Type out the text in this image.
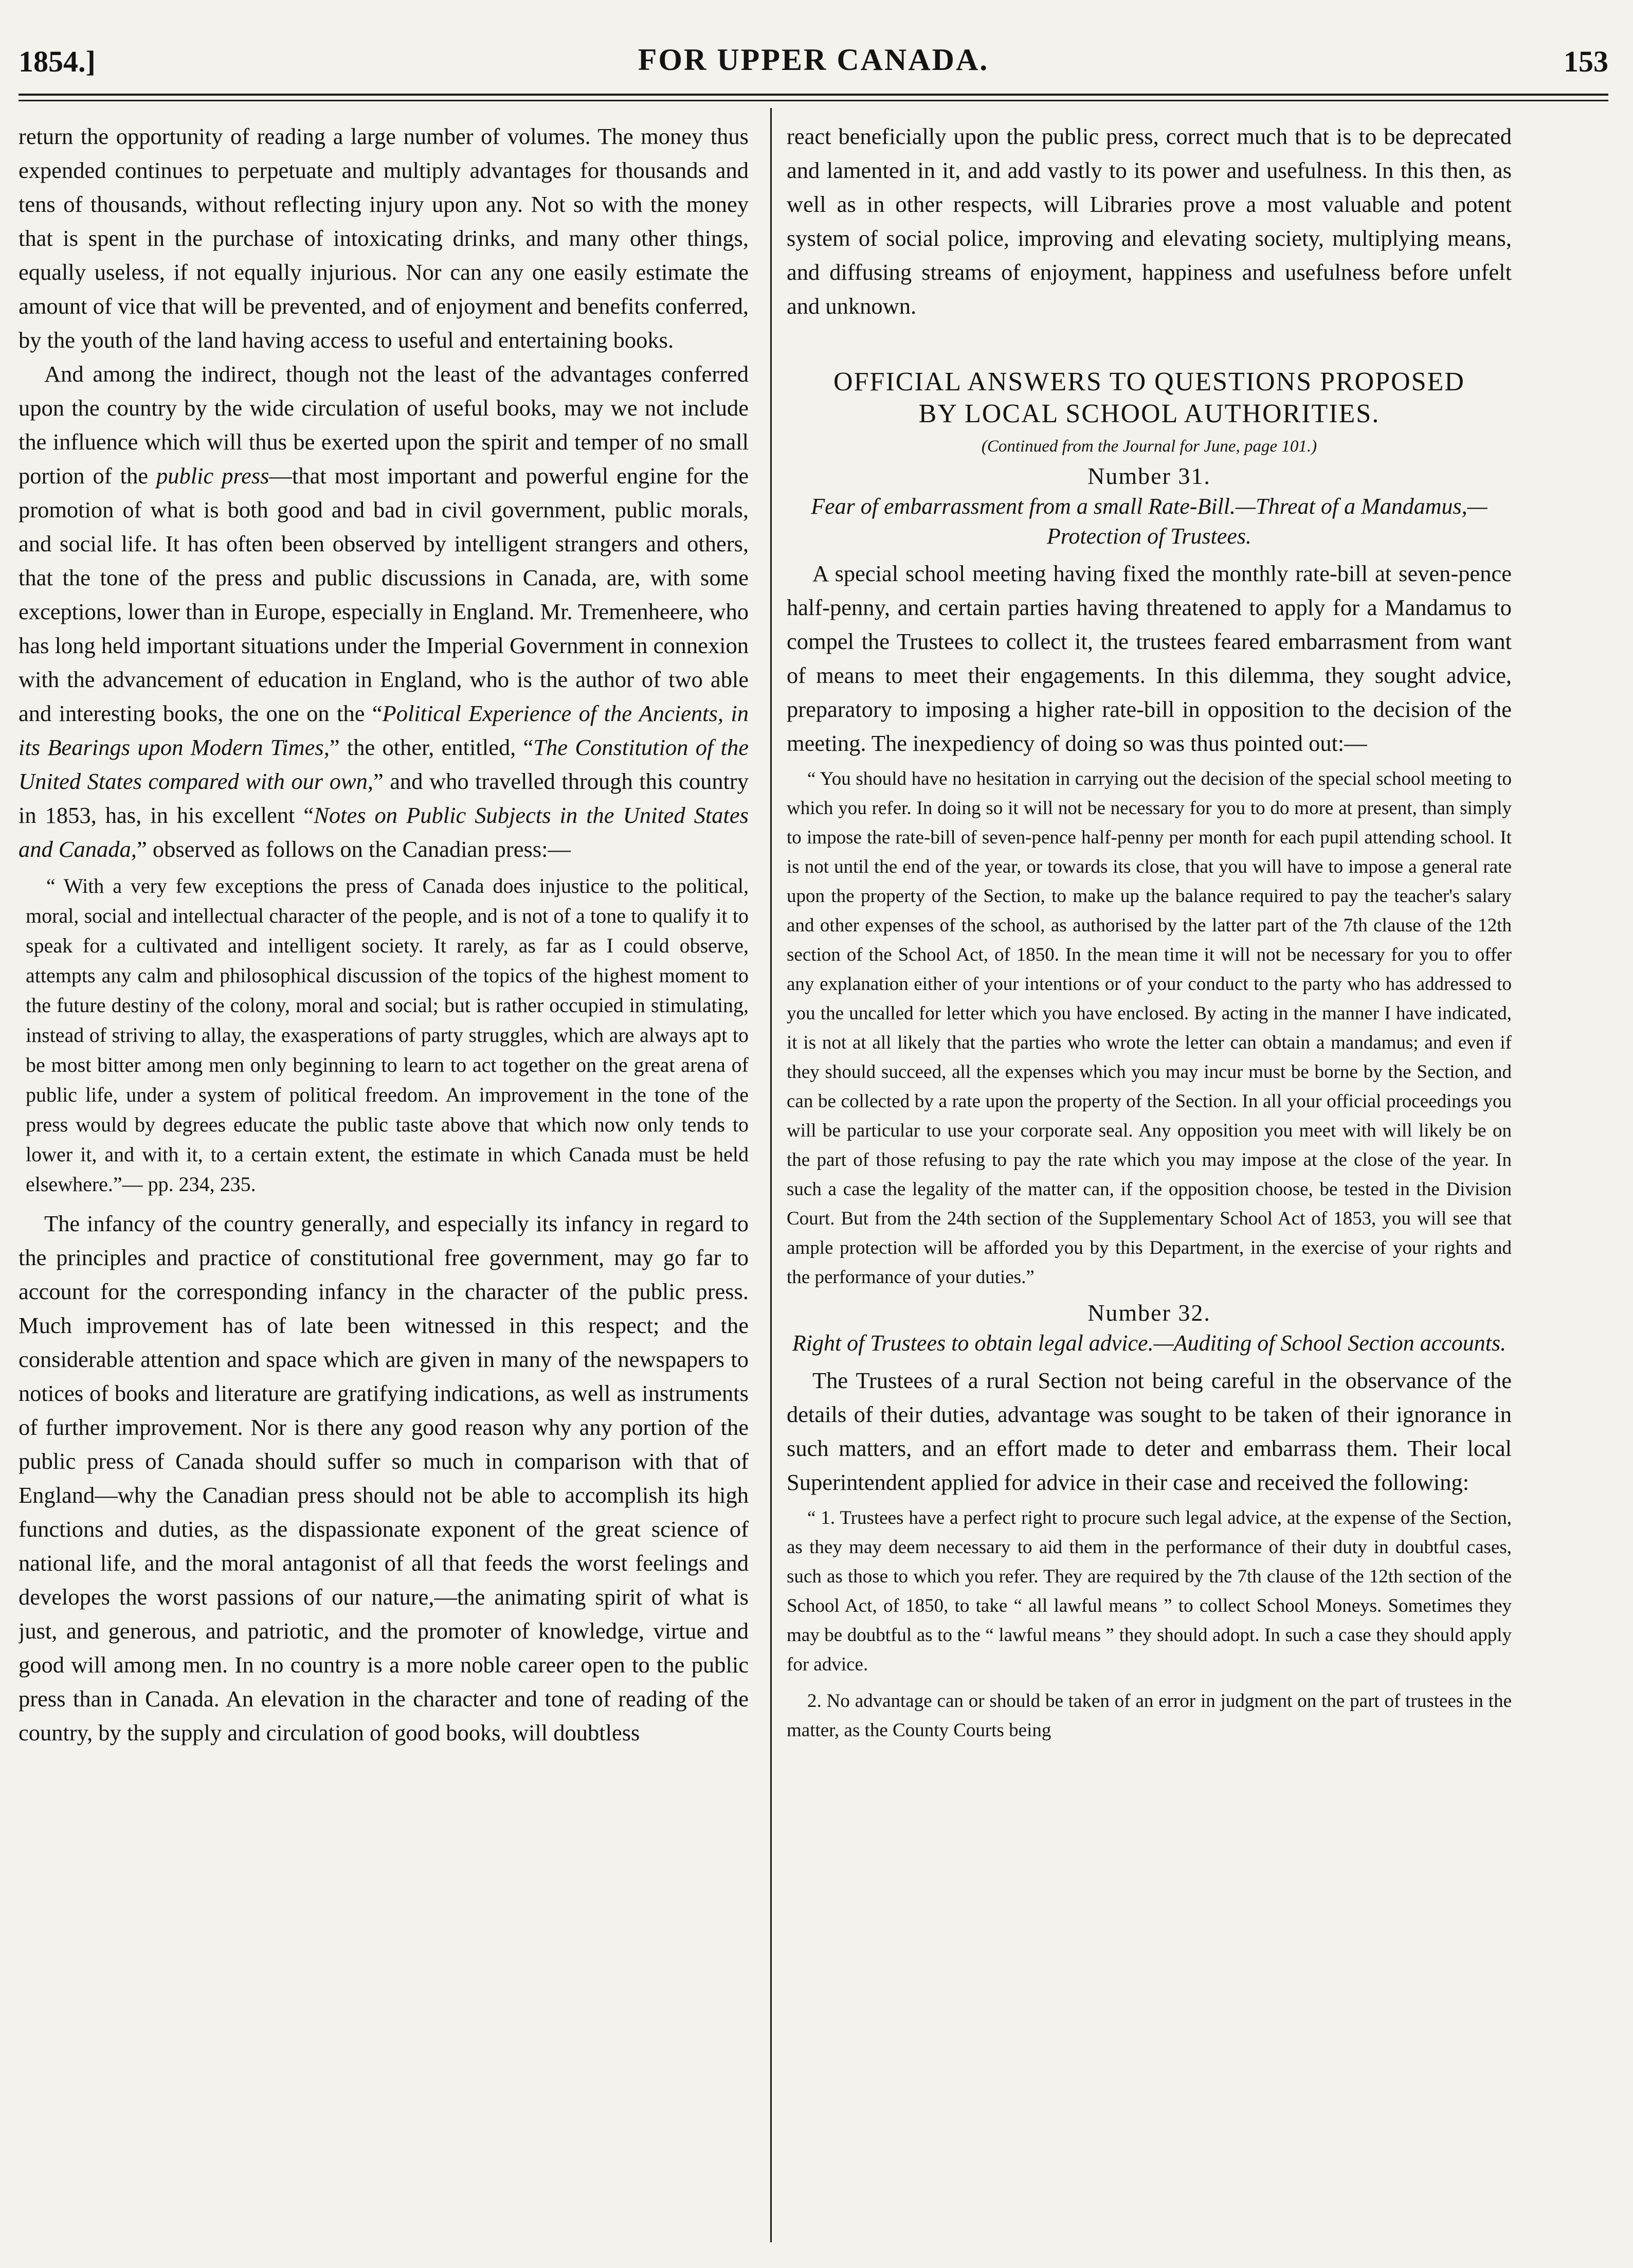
1854.]	FOR UPPER CANADA.	153

return the opportunity of reading a large number of volumes. The money thus expended continues to perpetuate and multiply advantages for thousands and tens of thousands, without reflecting injury upon any. Not so with the money that is spent in the purchase of intoxicating drinks, and many other things, equally useless, if not equally injurious. Nor can any one easily estimate the amount of vice that will be prevented, and of enjoyment and benefits conferred, by the youth of the land having access to useful and entertaining books.

And among the indirect, though not the least of the advantages conferred upon the country by the wide circulation of useful books, may we not include the influence which will thus be exerted upon the spirit and temper of no small portion of the public press—that most important and powerful engine for the promotion of what is both good and bad in civil government, public morals, and social life. It has often been observed by intelligent strangers and others, that the tone of the press and public discussions in Canada, are, with some exceptions, lower than in Europe, especially in England. Mr. Tremenheere, who has long held important situations under the Imperial Government in connexion with the advancement of education in England, who is the author of two able and interesting books, the one on the “Political Experience of the Ancients, in its Bearings upon Modern Times,” the other, entitled, “The Constitution of the United States compared with our own,” and who travelled through this country in 1853, has, in his excellent “Notes on Public Subjects in the United States and Canada,” observed as follows on the Canadian press:—

“ With a very few exceptions the press of Canada does injustice to the political, moral, social and intellectual character of the people, and is not of a tone to qualify it to speak for a cultivated and intelligent society. It rarely, as far as I could observe, attempts any calm and philosophical discussion of the topics of the highest moment to the future destiny of the colony, moral and social; but is rather occupied in stimulating, instead of striving to allay, the exasperations of party struggles, which are always apt to be most bitter among men only beginning to learn to act together on the great arena of public life, under a system of political freedom. An improvement in the tone of the press would by degrees educate the public taste above that which now only tends to lower it, and with it, to a certain extent, the estimate in which Canada must be held elsewhere.”— pp. 234, 235.

The infancy of the country generally, and especially its infancy in regard to the principles and practice of constitutional free government, may go far to account for the corresponding infancy in the character of the public press. Much improvement has of late been witnessed in this respect; and the considerable attention and space which are given in many of the newspapers to notices of books and literature are gratifying indications, as well as instruments of further improvement. Nor is there any good reason why any portion of the public press of Canada should suffer so much in comparison with that of England—why the Canadian press should not be able to accomplish its high functions and duties, as the dispassionate exponent of the great science of national life, and the moral antagonist of all that feeds the worst feelings and developes the worst passions of our nature,—the animating spirit of what is just, and generous, and patriotic, and the promoter of knowledge, virtue and good will among men. In no country is a more noble career open to the public press than in Canada. An elevation in the character and tone of reading of the country, by the supply and circulation of good books, will doubtless

react beneficially upon the public press, correct much that is to be deprecated and lamented in it, and add vastly to its power and usefulness. In this then, as well as in other respects, will Libraries prove a most valuable and potent system of social police, improving and elevating society, multiplying means, and diffusing streams of enjoyment, happiness and usefulness before unfelt and unknown.

OFFICIAL ANSWERS TO QUESTIONS PROPOSED
BY LOCAL SCHOOL AUTHORITIES.
(Continued from the Journal for June, page 101.)
Number 31.
Fear of embarrassment from a small Rate-Bill.—Threat of a Mandamus,—Protection of Trustees.

A special school meeting having fixed the monthly rate-bill at seven-pence half-penny, and certain parties having threatened to apply for a Mandamus to compel the Trustees to collect it, the trustees feared embarrasment from want of means to meet their engagements. In this dilemma, they sought advice, preparatory to imposing a higher rate-bill in opposition to the decision of the meeting. The inexpediency of doing so was thus pointed out:—

“ You should have no hesitation in carrying out the decision of the special school meeting to which you refer. In doing so it will not be necessary for you to do more at present, than simply to impose the rate-bill of seven-pence half-penny per month for each pupil attending school. It is not until the end of the year, or towards its close, that you will have to impose a general rate upon the property of the Section, to make up the balance required to pay the teacher's salary and other expenses of the school, as authorised by the latter part of the 7th clause of the 12th section of the School Act, of 1850. In the mean time it will not be necessary for you to offer any explanation either of your intentions or of your conduct to the party who has addressed to you the uncalled for letter which you have enclosed. By acting in the manner I have indicated, it is not at all likely that the parties who wrote the letter can obtain a mandamus; and even if they should succeed, all the expenses which you may incur must be borne by the Section, and can be collected by a rate upon the property of the Section. In all your official proceedings you will be particular to use your corporate seal. Any opposition you meet with will likely be on the part of those refusing to pay the rate which you may impose at the close of the year. In such a case the legality of the matter can, if the opposition choose, be tested in the Division Court. But from the 24th section of the Supplementary School Act of 1853, you will see that ample protection will be afforded you by this Department, in the exercise of your rights and the performance of your duties.”

Number 32.
Right of Trustees to obtain legal advice.—Auditing of School Section accounts.

The Trustees of a rural Section not being careful in the observance of the details of their duties, advantage was sought to be taken of their ignorance in such matters, and an effort made to deter and embarrass them. Their local Superintendent applied for advice in their case and received the following:

“ 1. Trustees have a perfect right to procure such legal advice, at the expense of the Section, as they may deem necessary to aid them in the performance of their duty in doubtful cases, such as those to which you refer. They are required by the 7th clause of the 12th section of the School Act, of 1850, to take “ all lawful means ” to collect School Moneys. Sometimes they may be doubtful as to the “ lawful means ” they should adopt. In such a case they should apply for advice.

2. No advantage can or should be taken of an error in judgment on the part of trustees in the matter, as the County Courts being
